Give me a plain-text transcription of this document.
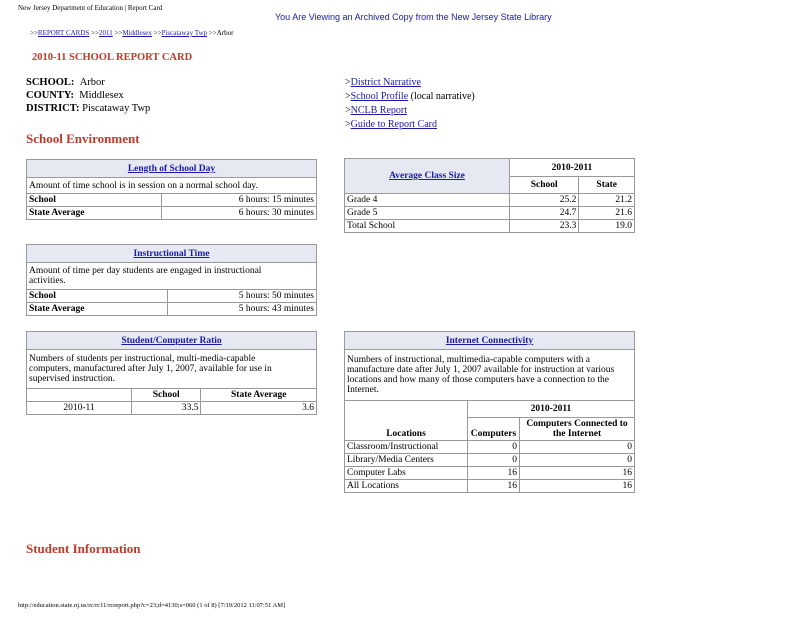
New Jersey Department of Education | Report Card
You Are Viewing an Archived Copy from the New Jersey State Library
>>REPORT CARDS >>2011 >>Middlesex >>Piscataway Twp >>Arbor
2010-11 SCHOOL REPORT CARD
SCHOOL: Arbor
COUNTY: Middlesex
DISTRICT: Piscataway Twp
>District Narrative
>School Profile (local narrative)
>NCLB Report
>Guide to Report Card
School Environment
Length of School Day	
Amount of time school is in session on a normal school day.	
School	6 hours: 15 minutes
State Average	6 hours: 30 minutes
Instructional Time	
Amount of time per day students are engaged in instructional activities.	
School	5 hours: 50 minutes
State Average	5 hours: 43 minutes
Student/Computer Ratio		
Numbers of students per instructional, multi-media-capable computers, manufactured after July 1, 2007, available for use in supervised instruction.		
	School	State Average
2010-11	33.5	3.6
Average Class Size	2010-2011	
	School	State
Grade 4	25.2	21.2
Grade 5	24.7	21.6
Total School	23.3	19.0
Internet Connectivity		
Numbers of instructional, multimedia-capable computers with a manufacture date after July 1, 2007 available for instruction at various locations and how many of those computers have a connection to the Internet.		
Locations	2010-2011	
	Computers	Computers Connected to the Internet
Classroom/Instructional	0	0
Library/Media Centers	0	0
Computer Labs	16	16
All Locations	16	16
Student Information
http://education.state.nj.us/rc/rc11/rcreport.php?c=23;d=4130;s=060 (1 of 8) [7/19/2012 11:07:51 AM]
